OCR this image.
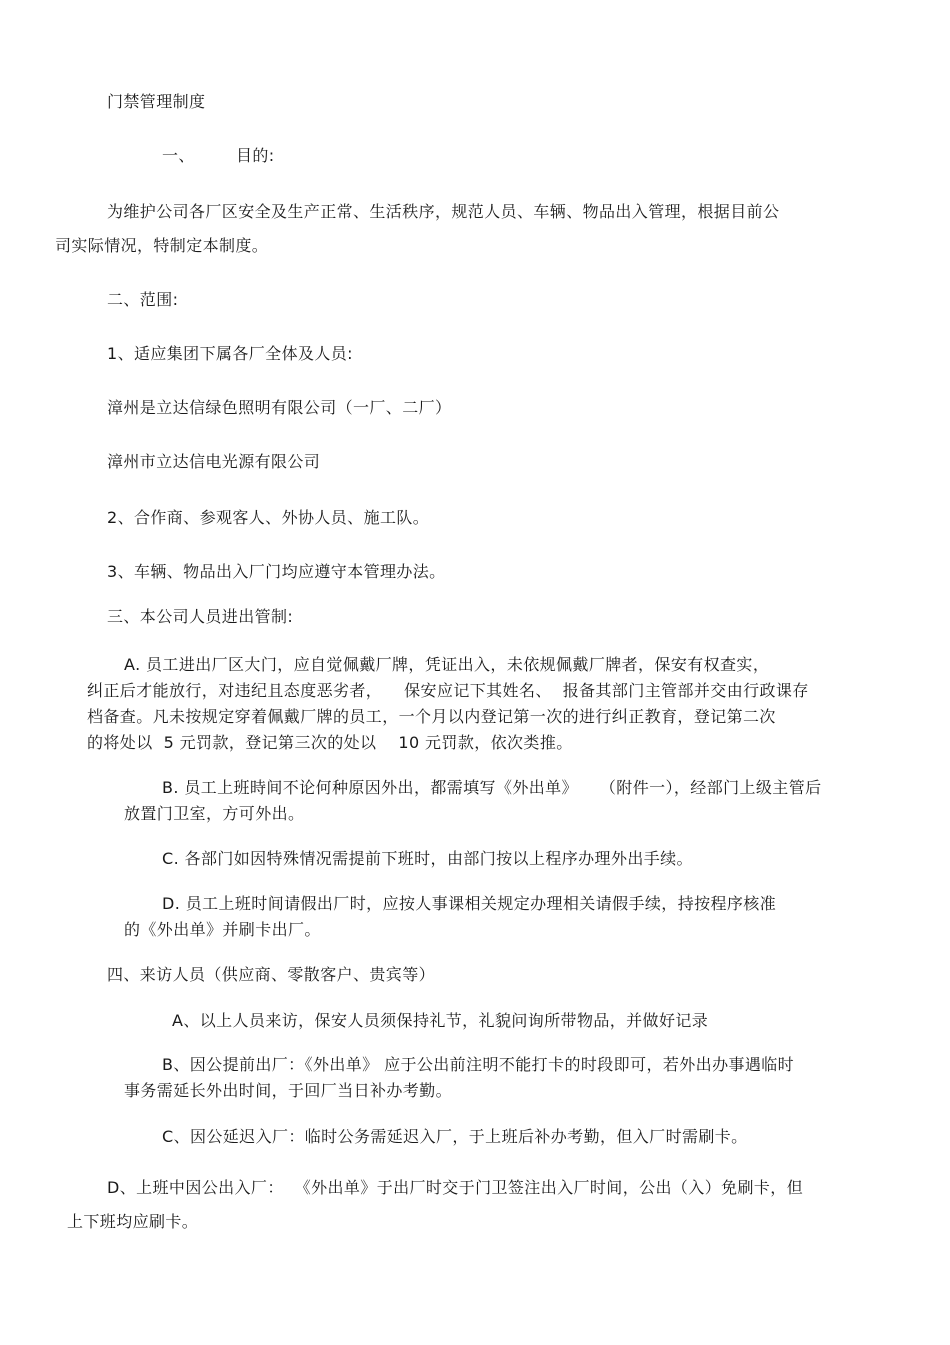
门禁管理制度
一、	目的:
为维护公司各厂区安全及生产正常、生活秩序，规范人员、车辆、物品出入管理，根据目前公
司实际情况，特制定本制度。
二、范围:
1、适应集团下属各厂全体及人员:
漳州是立达信绿色照明有限公司（一厂、二厂）
漳州市立达信电光源有限公司
2、合作商、参观客人、外协人员、施工队。
3、车辆、物品出入厂门均应遵守本管理办法。
三、本公司人员进出管制:
A. 员工进出厂区大门，应自觉佩戴厂牌，凭证出入，未依规佩戴厂牌者，保安有权查实，
纠正后才能放行，对违纪且态度恶劣者，    保安应记下其姓名、  报备其部门主管部并交由行政课存
档备查。凡未按规定穿着佩戴厂牌的员工，一个月以内登记第一次的进行纠正教育，登记第二次
的将处以  5 元罚款，登记第三次的处以    10 元罚款，依次类推。
B. 员工上班時间不论何种原因外出，都需填写《外出单》    （附件一），经部门上级主管后
放置门卫室，方可外出。
C. 各部门如因特殊情况需提前下班时，由部门按以上程序办理外出手续。
D. 员工上班时间请假出厂时，应按人事课相关规定办理相关请假手续，持按程序核准
的《外出单》并刷卡出厂。
四、来访人员（供应商、零散客户、贵宾等）
A、以上人员来访，保安人员须保持礼节，礼貌问询所带物品，并做好记录
B、因公提前出厂：《外出单》 应于公出前注明不能打卡的时段即可，若外出办事遇临时
事务需延长外出时间，于回厂当日补办考勤。
C、因公延迟入厂：临时公务需延迟入厂，于上班后补办考勤，但入厂时需刷卡。
D、上班中因公出入厂：  《外出单》于出厂时交于门卫签注出入厂时间，公出（入）免刷卡，但
上下班均应刷卡。
